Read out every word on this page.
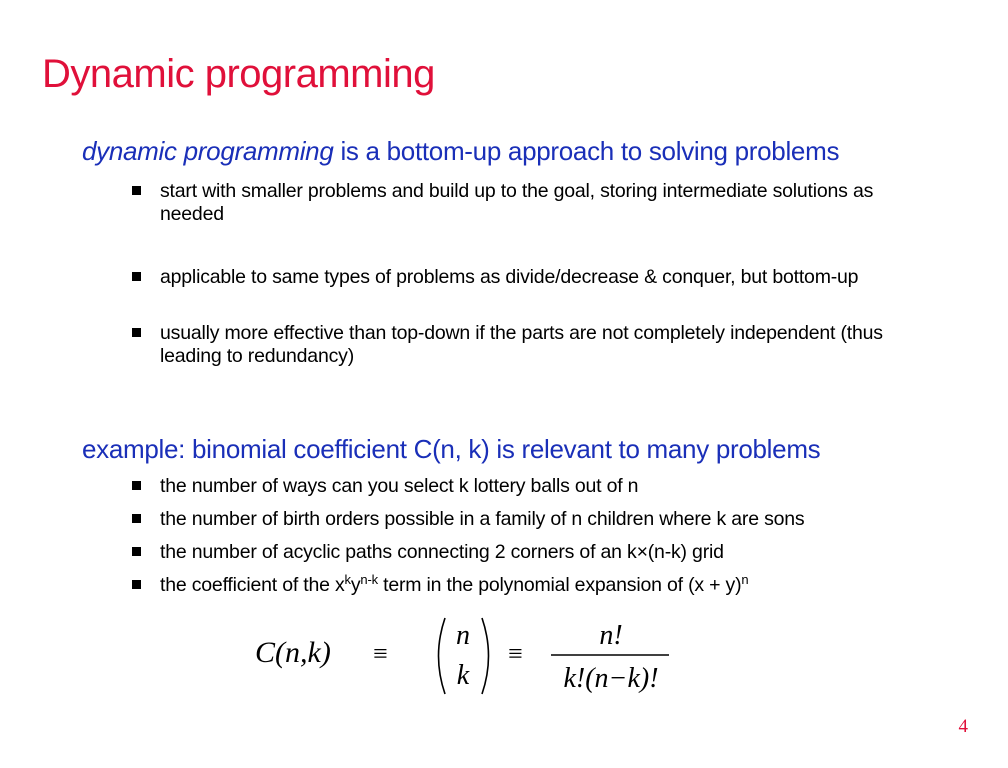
Dynamic programming
dynamic programming is a bottom-up approach to solving problems
start with smaller problems and build up to the goal, storing intermediate solutions as needed
applicable to same types of problems as divide/decrease & conquer, but bottom-up
usually more effective than top-down if the parts are not completely independent (thus leading to redundancy)
example: binomial coefficient C(n, k) is relevant to many problems
the number of ways can you select k lottery balls out of n
the number of birth orders possible in a family of n children where k are sons
the number of acyclic paths connecting 2 corners of an k×(n-k) grid
the coefficient of the $x^ky^{n-k}$ term in the polynomial expansion of $(x + y)^n$
C(n,k) ≡
n
k
≡
n!
k!(n−k)!
4
